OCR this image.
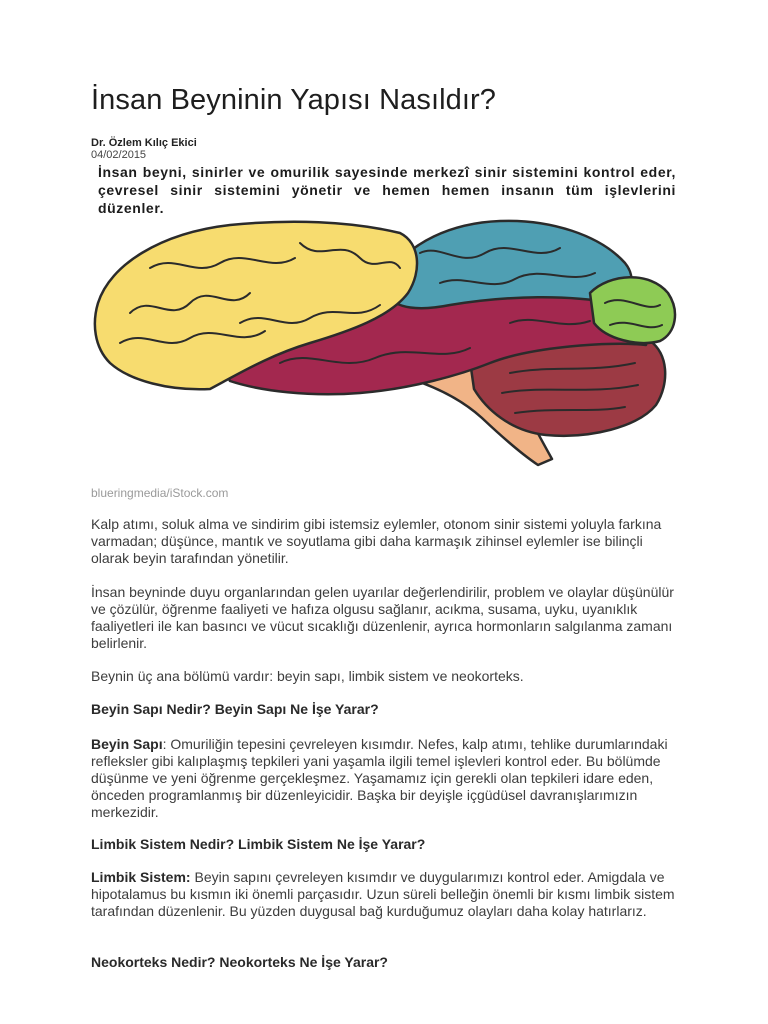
İnsan Beyninin Yapısı Nasıldır?
Dr. Özlem Kılıç Ekici
04/02/2015

İnsan beyni, sinirler ve omurilik sayesinde merkezî sinir sistemini kontrol eder, çevresel sinir sistemini yönetir ve hemen hemen insanın tüm işlevlerini düzenler.

blueringmedia/iStock.com

Kalp atımı, soluk alma ve sindirim gibi istemsiz eylemler, otonom sinir sistemi yoluyla farkına varmadan; düşünce, mantık ve soyutlama gibi daha karmaşık zihinsel eylemler ise bilinçli olarak beyin tarafından yönetilir.

İnsan beyninde duyu organlarından gelen uyarılar değerlendirilir, problem ve olaylar düşünülür ve çözülür, öğrenme faaliyeti ve hafıza olgusu sağlanır, acıkma, susama, uyku, uyanıklık faaliyetleri ile kan basıncı ve vücut sıcaklığı düzenlenir, ayrıca hormonların salgılanma zamanı belirlenir.

Beynin üç ana bölümü vardır: beyin sapı, limbik sistem ve neokorteks.

Beyin Sapı Nedir? Beyin Sapı Ne İşe Yarar?

Beyin Sapı: Omuriliğin tepesini çevreleyen kısımdır. Nefes, kalp atımı, tehlike durumlarındaki refleksler gibi kalıplaşmış tepkileri yani yaşamla ilgili temel işlevleri kontrol eder. Bu bölümde düşünme ve yeni öğrenme gerçekleşmez. Yaşamamız için gerekli olan tepkileri idare eden, önceden programlanmış bir düzenleyicidir. Başka bir deyişle içgüdüsel davranışlarımızın merkezidir.

Limbik Sistem Nedir? Limbik Sistem Ne İşe Yarar?

Limbik Sistem: Beyin sapını çevreleyen kısımdır ve duygularımızı kontrol eder. Amigdala ve hipotalamus bu kısmın iki önemli parçasıdır. Uzun süreli belleğin önemli bir kısmı limbik sistem tarafından düzenlenir. Bu yüzden duygusal bağ kurduğumuz olayları daha kolay hatırlarız.

Neokorteks Nedir? Neokorteks Ne İşe Yarar?
